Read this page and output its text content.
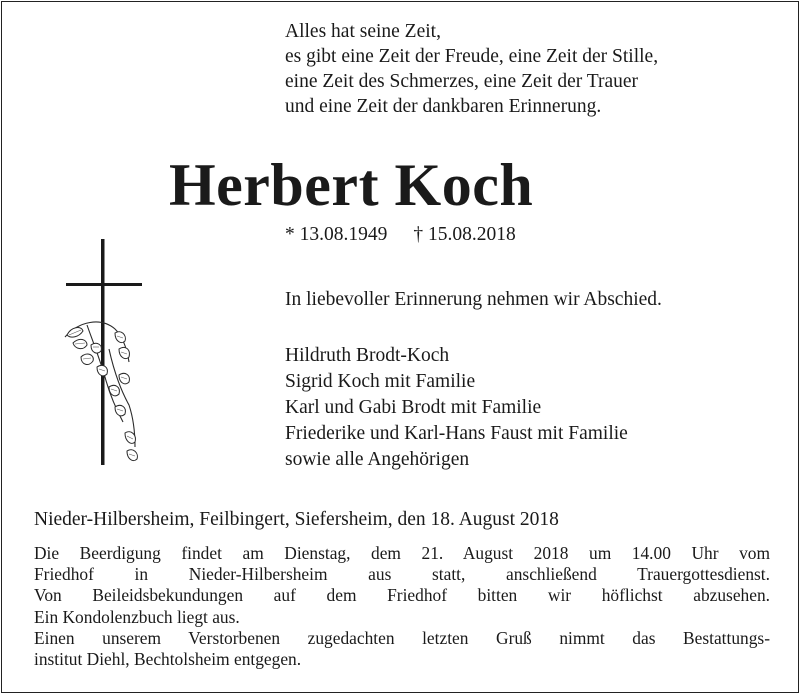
Alles hat seine Zeit,
es gibt eine Zeit der Freude, eine Zeit der Stille,
eine Zeit des Schmerzes, eine Zeit der Trauer
und eine Zeit der dankbaren Erinnerung.
Herbert Koch
* 13.08.1949 † 15.08.2018
In liebevoller Erinnerung nehmen wir Abschied.
Hildruth Brodt-Koch
Sigrid Koch mit Familie
Karl und Gabi Brodt mit Familie
Friederike und Karl-Hans Faust mit Familie
sowie alle Angehörigen
Nieder-Hilbersheim, Feilbingert, Siefersheim, den 18. August 2018
Die Beerdigung findet am Dienstag, dem 21. August 2018 um 14.00 Uhr vom
Friedhof in Nieder-Hilbersheim aus statt, anschließend Trauergottesdienst.
Von Beileidsbekundungen auf dem Friedhof bitten wir höflichst abzusehen.
Ein Kondolenzbuch liegt aus.
Einen unserem Verstorbenen zugedachten letzten Gruß nimmt das Bestattungs-
institut Diehl, Bechtolsheim entgegen.
